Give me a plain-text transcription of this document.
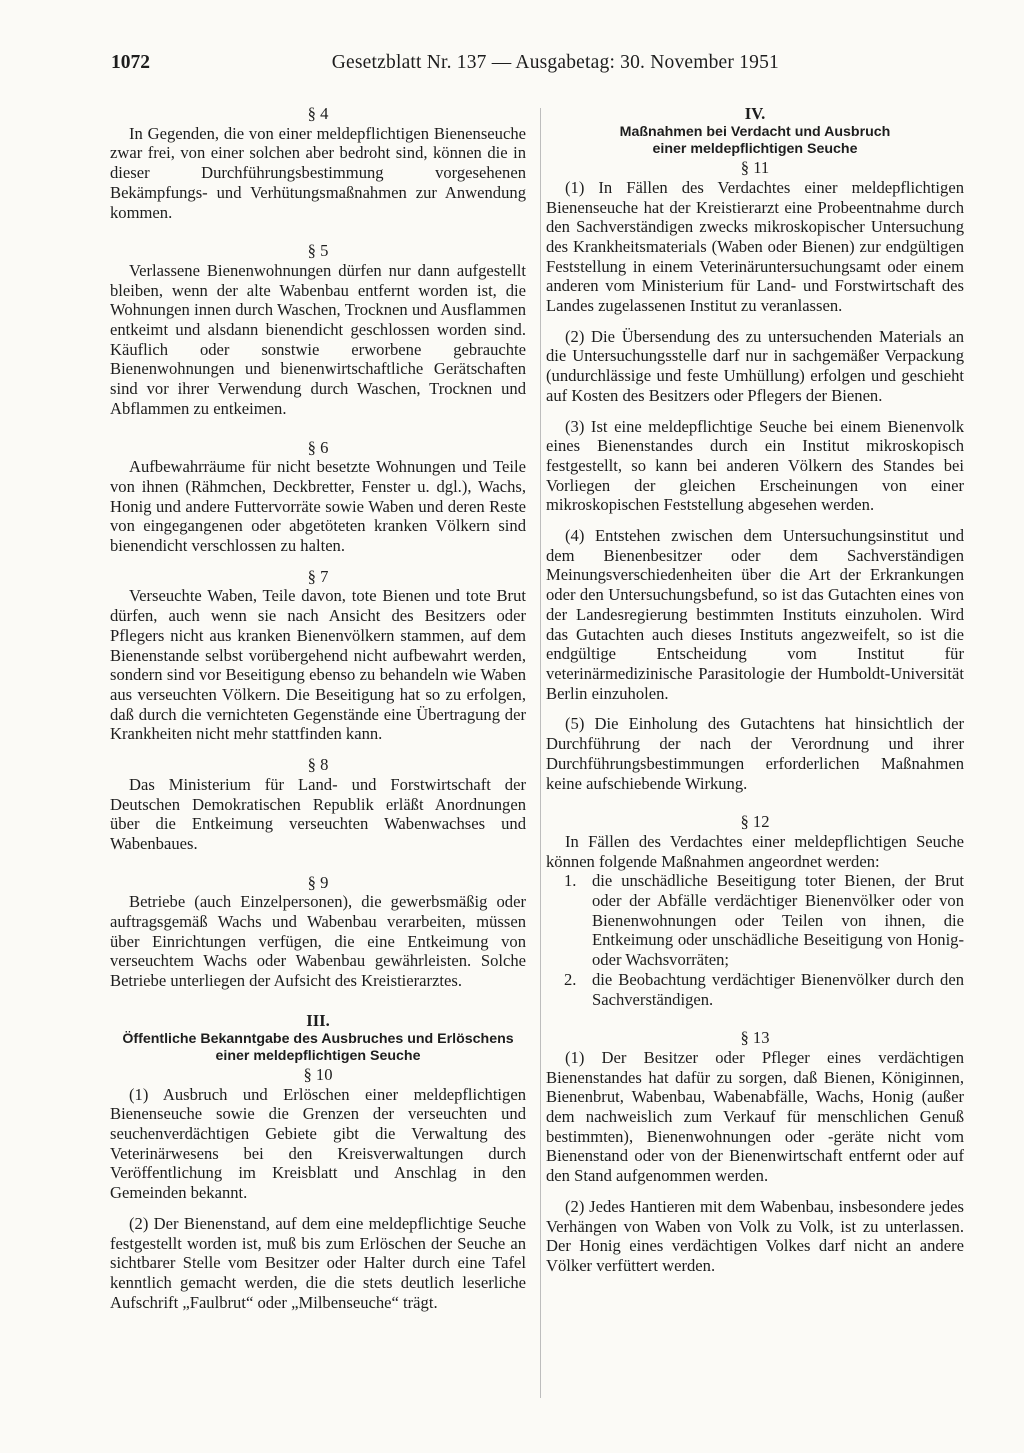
1072	Gesetzblatt Nr. 137 — Ausgabetag: 30. November 1951
§ 4

In Gegenden, die von einer meldepflichtigen Bienenseuche zwar frei, von einer solchen aber bedroht sind, können die in dieser Durchführungsbestimmung vorgesehenen Bekämpfungs- und Verhütungsmaßnahmen zur Anwendung kommen.

§ 5

Verlassene Bienenwohnungen dürfen nur dann aufgestellt bleiben, wenn der alte Wabenbau entfernt worden ist, die Wohnungen innen durch Waschen, Trocknen und Ausflammen entkeimt und alsdann bienendicht geschlossen worden sind. Käuflich oder sonstwie erworbene gebrauchte Bienenwohnungen und bienenwirtschaftliche Gerätschaften sind vor ihrer Verwendung durch Waschen, Trocknen und Abflammen zu entkeimen.

§ 6

Aufbewahrräume für nicht besetzte Wohnungen und Teile von ihnen (Rähmchen, Deckbretter, Fenster u. dgl.), Wachs, Honig und andere Futtervorräte sowie Waben und deren Reste von eingegangenen oder abgetöteten kranken Völkern sind bienendicht verschlossen zu halten.

§ 7

Verseuchte Waben, Teile davon, tote Bienen und tote Brut dürfen, auch wenn sie nach Ansicht des Besitzers oder Pflegers nicht aus kranken Bienenvölkern stammen, auf dem Bienenstande selbst vorübergehend nicht aufbewahrt werden, sondern sind vor Beseitigung ebenso zu behandeln wie Waben aus verseuchten Völkern. Die Beseitigung hat so zu erfolgen, daß durch die vernichteten Gegenstände eine Übertragung der Krankheiten nicht mehr stattfinden kann.

§ 8

Das Ministerium für Land- und Forstwirtschaft der Deutschen Demokratischen Republik erläßt Anordnungen über die Entkeimung verseuchten Wabenwachses und Wabenbaues.

§ 9

Betriebe (auch Einzelpersonen), die gewerbsmäßig oder auftragsgemäß Wachs und Wabenbau verarbeiten, müssen über Einrichtungen verfügen, die eine Entkeimung von verseuchtem Wachs oder Wabenbau gewährleisten. Solche Betriebe unterliegen der Aufsicht des Kreistierarztes.

III.
Öffentliche Bekanntgabe des Ausbruches und Erlöschens
einer meldepflichtigen Seuche
§ 10

(1) Ausbruch und Erlöschen einer meldepflichtigen Bienenseuche sowie die Grenzen der verseuchten und seuchenverdächtigen Gebiete gibt die Verwaltung des Veterinärwesens bei den Kreisverwaltungen durch Veröffentlichung im Kreisblatt und Anschlag in den Gemeinden bekannt.

(2) Der Bienenstand, auf dem eine meldepflichtige Seuche festgestellt worden ist, muß bis zum Erlöschen der Seuche an sichtbarer Stelle vom Besitzer oder Halter durch eine Tafel kenntlich gemacht werden, die die stets deutlich leserliche Aufschrift „Faulbrut“ oder „Milbenseuche“ trägt.

IV.
Maßnahmen bei Verdacht und Ausbruch
einer meldepflichtigen Seuche
§ 11

(1) In Fällen des Verdachtes einer meldepflichtigen Bienenseuche hat der Kreistierarzt eine Probeentnahme durch den Sachverständigen zwecks mikroskopischer Untersuchung des Krankheitsmaterials (Waben oder Bienen) zur endgültigen Feststellung in einem Veterinäruntersuchungsamt oder einem anderen vom Ministerium für Land- und Forstwirtschaft des Landes zugelassenen Institut zu veranlassen.

(2) Die Übersendung des zu untersuchenden Materials an die Untersuchungsstelle darf nur in sachgemäßer Verpackung (undurchlässige und feste Umhüllung) erfolgen und geschieht auf Kosten des Besitzers oder Pflegers der Bienen.

(3) Ist eine meldepflichtige Seuche bei einem Bienenvolk eines Bienenstandes durch ein Institut mikroskopisch festgestellt, so kann bei anderen Völkern des Standes bei Vorliegen der gleichen Erscheinungen von einer mikroskopischen Feststellung abgesehen werden.

(4) Entstehen zwischen dem Untersuchungsinstitut und dem Bienenbesitzer oder dem Sachverständigen Meinungsverschiedenheiten über die Art der Erkrankungen oder den Untersuchungsbefund, so ist das Gutachten eines von der Landesregierung bestimmten Instituts einzuholen. Wird das Gutachten auch dieses Instituts angezweifelt, so ist die endgültige Entscheidung vom Institut für veterinärmedizinische Parasitologie der Humboldt-Universität Berlin einzuholen.

(5) Die Einholung des Gutachtens hat hinsichtlich der Durchführung der nach der Verordnung und ihrer Durchführungsbestimmungen erforderlichen Maßnahmen keine aufschiebende Wirkung.

§ 12

In Fällen des Verdachtes einer meldepflichtigen Seuche können folgende Maßnahmen angeordnet werden:

1. die unschädliche Beseitigung toter Bienen, der Brut oder der Abfälle verdächtiger Bienenvölker oder von Bienenwohnungen oder Teilen von ihnen, die Entkeimung oder unschädliche Beseitigung von Honig- oder Wachsvorräten;
2. die Beobachtung verdächtiger Bienenvölker durch den Sachverständigen.
§ 13

(1) Der Besitzer oder Pfleger eines verdächtigen Bienenstandes hat dafür zu sorgen, daß Bienen, Königinnen, Bienenbrut, Wabenbau, Wabenabfälle, Wachs, Honig (außer dem nachweislich zum Verkauf für menschlichen Genuß bestimmten), Bienenwohnungen oder -geräte nicht vom Bienenstand oder von der Bienenwirtschaft entfernt oder auf den Stand aufgenommen werden.

(2) Jedes Hantieren mit dem Wabenbau, insbesondere jedes Verhängen von Waben von Volk zu Volk, ist zu unterlassen. Der Honig eines verdächtigen Volkes darf nicht an andere Völker verfüttert werden.
